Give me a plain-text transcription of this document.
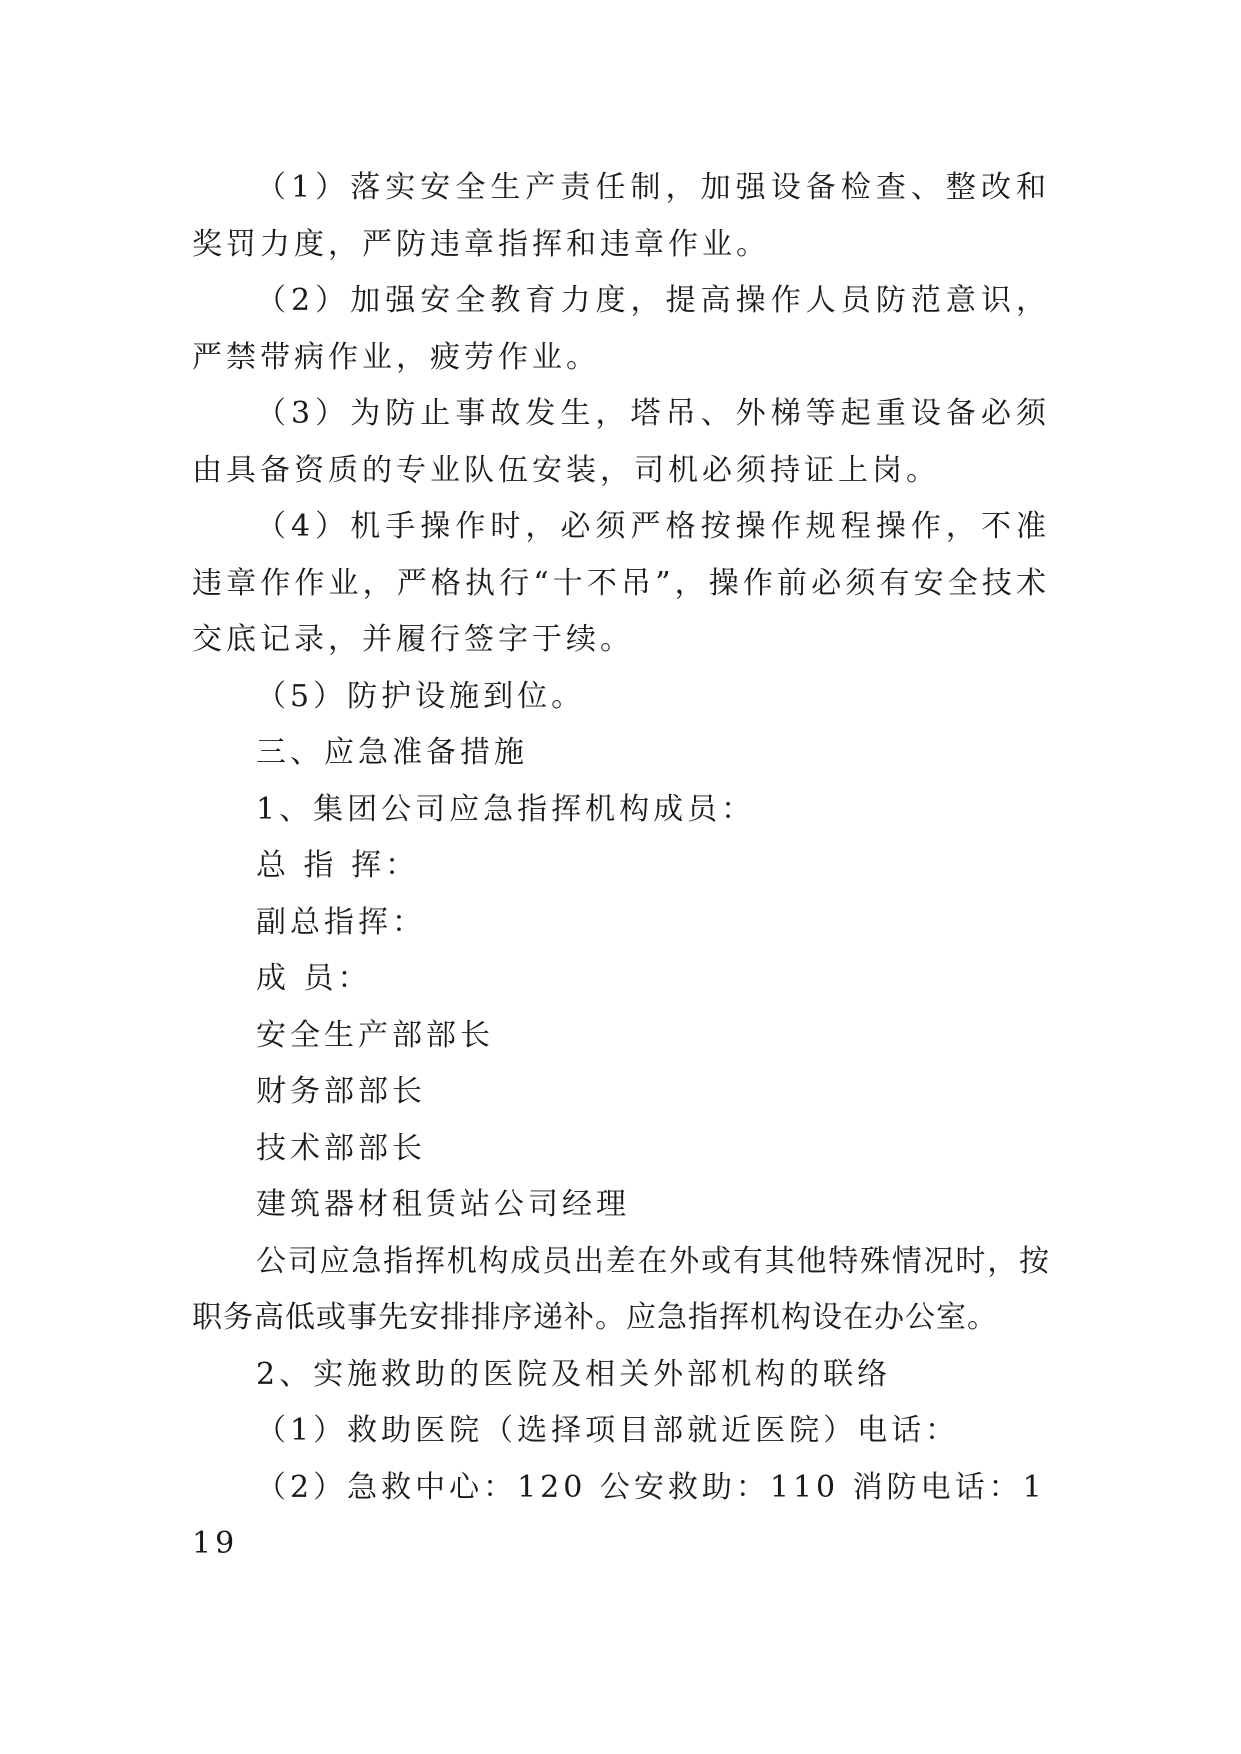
（1）落实安全生产责任制，加强设备检查、整改和奖罚力度，严防违章指挥和违章作业。

（2）加强安全教育力度，提高操作人员防范意识，严禁带病作业，疲劳作业。

（3）为防止事故发生，塔吊、外梯等起重设备必须由具备资质的专业队伍安装，司机必须持证上岗。

（4）机手操作时，必须严格按操作规程操作，不准违章作作业，严格执行“十不吊”，操作前必须有安全技术交底记录，并履行签字于续。

（5）防护设施到位。

三、应急准备措施

1、集团公司应急指挥机构成员：

总 指 挥：

副总指挥：

成 员：

安全生产部部长

财务部部长

技术部部长

建筑器材租赁站公司经理

公司应急指挥机构成员出差在外或有其他特殊情况时，按职务高低或事先安排排序递补。应急指挥机构设在办公室。

2、实施救助的医院及相关外部机构的联络

（1）救助医院（选择项目部就近医院）电话：

（2）急救中心：120 公安救助：110 消防电话：119
